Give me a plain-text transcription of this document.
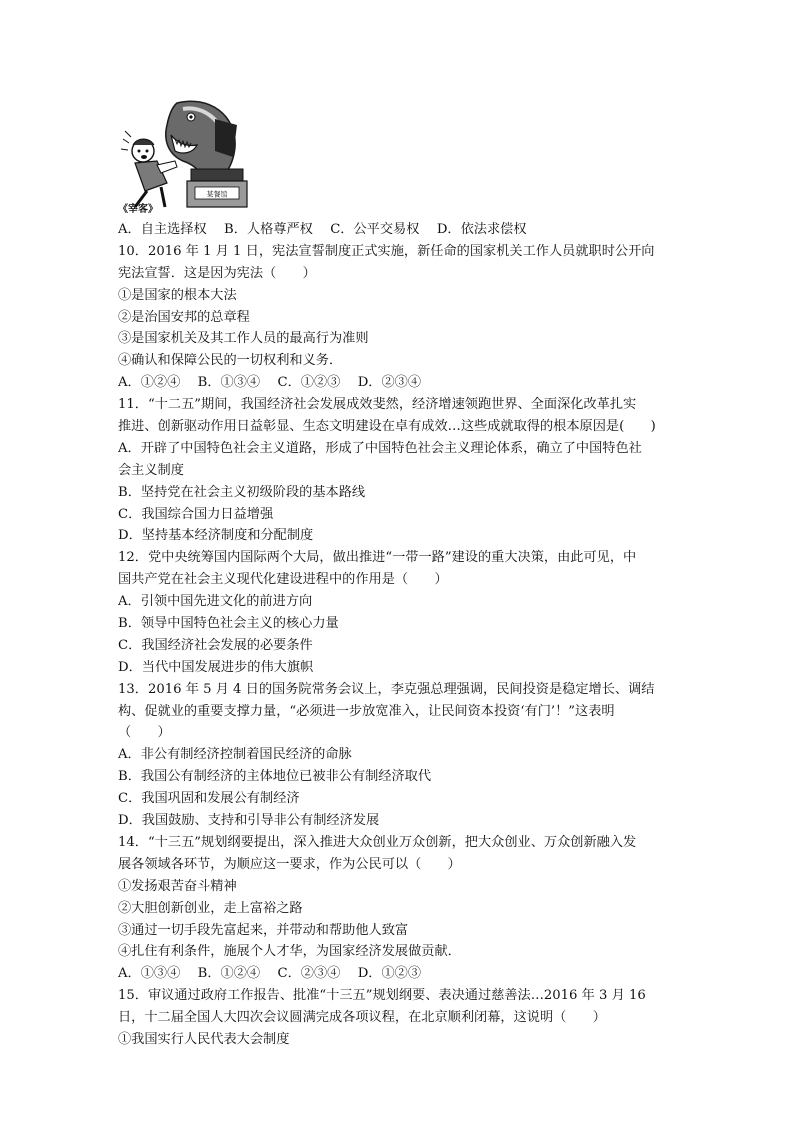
《宰客》
某餐馆
A．自主选择权　 B．人格尊严权　 C．公平交易权　 D．依法求偿权
10．2016 年 1 月 1 日，宪法宣誓制度正式实施，新任命的国家机关工作人员就职时公开向
宪法宣誓．这是因为宪法（　　）
①是国家的根本大法
②是治国安邦的总章程
③是国家机关及其工作人员的最高行为准则
④确认和保障公民的一切权利和义务．
A．①②④　 B．①③④　 C．①②③　 D．②③④
11．“十二五”期间，我国经济社会发展成效斐然，经济增速领跑世界、全面深化改革扎实
推进、创新驱动作用日益彰显、生态文明建设在卓有成效…这些成就取得的根本原因是(　　)
A．开辟了中国特色社会主义道路，形成了中国特色社会主义理论体系，确立了中国特色社
会主义制度
B．坚持党在社会主义初级阶段的基本路线
C．我国综合国力日益增强
D．坚持基本经济制度和分配制度
12．党中央统筹国内国际两个大局，做出推进“一带一路”建设的重大决策，由此可见，中
国共产党在社会主义现代化建设进程中的作用是（　　）
A．引领中国先进文化的前进方向
B．领导中国特色社会主义的核心力量
C．我国经济社会发展的必要条件
D．当代中国发展进步的伟大旗帜
13．2016 年 5 月 4 日的国务院常务会议上，李克强总理强调，民间投资是稳定增长、调结
构、促就业的重要支撑力量，“必须进一步放宽准入，让民间资本投资‘有门’！”这表明
（　　）
A．非公有制经济控制着国民经济的命脉
B．我国公有制经济的主体地位已被非公有制经济取代
C．我国巩固和发展公有制经济
D．我国鼓励、支持和引导非公有制经济发展
14．“十三五”规划纲要提出，深入推进大众创业万众创新，把大众创业、万众创新融入发
展各领域各环节，为顺应这一要求，作为公民可以（　　）
①发扬艰苦奋斗精神
②大胆创新创业，走上富裕之路
③通过一切手段先富起来，并带动和帮助他人致富
④扎住有利条件，施展个人才华，为国家经济发展做贡献．
A．①③④　 B．①②④　 C．②③④　 D．①②③
15．审议通过政府工作报告、批准“十三五”规划纲要、表决通过慈善法…2016 年 3 月 16
日，十二届全国人大四次会议圆满完成各项议程，在北京顺利闭幕，这说明（　　）
①我国实行人民代表大会制度
